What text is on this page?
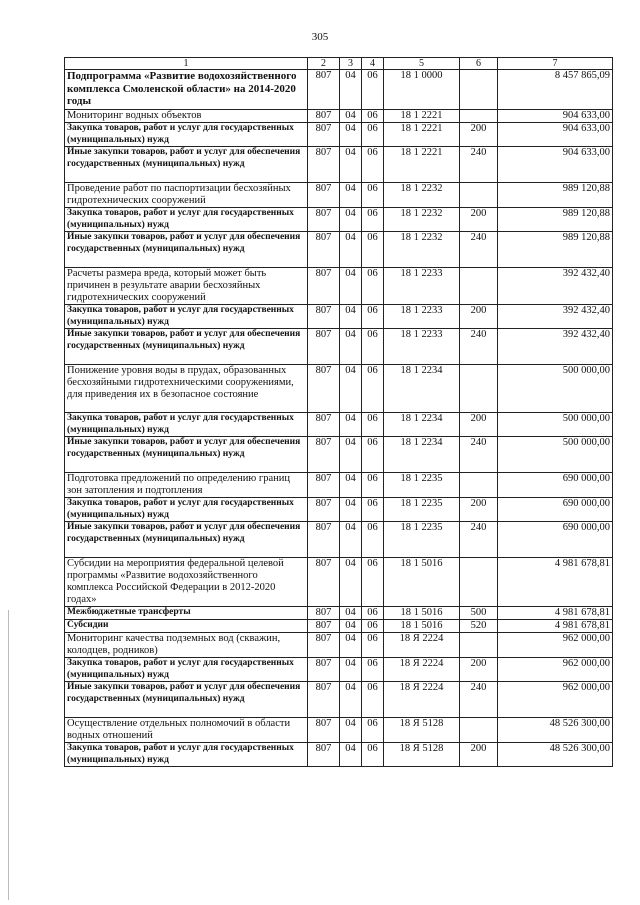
305
1	2	3	4	5	6	7
Подпрограмма «Развитие водохозяйственного комплекса Смоленской области» на 2014-2020 годы	807	04	06	18 1 0000		8 457 865,09
Мониторинг водных объектов	807	04	06	18 1 2221		904 633,00
Закупка товаров, работ и услуг для государственных (муниципальных) нужд	807	04	06	18 1 2221	200	904 633,00
Иные закупки товаров, работ и услуг для обеспечения государственных (муниципальных) нужд	807	04	06	18 1 2221	240	904 633,00
Проведение работ по паспортизации бесхозяйных гидротехнических сооружений	807	04	06	18 1 2232		989 120,88
Закупка товаров, работ и услуг для государственных (муниципальных) нужд	807	04	06	18 1 2232	200	989 120,88
Иные закупки товаров, работ и услуг для обеспечения государственных (муниципальных) нужд	807	04	06	18 1 2232	240	989 120,88
Расчеты размера вреда, который может быть причинен в результате аварии бесхозяйных гидротехнических сооружений	807	04	06	18 1 2233		392 432,40
Закупка товаров, работ и услуг для государственных (муниципальных) нужд	807	04	06	18 1 2233	200	392 432,40
Иные закупки товаров, работ и услуг для обеспечения государственных (муниципальных) нужд	807	04	06	18 1 2233	240	392 432,40
Понижение уровня воды в прудах, образованных бесхозяйными гидротехническими сооружениями, для приведения их в безопасное состояние	807	04	06	18 1 2234		500 000,00
Закупка товаров, работ и услуг для государственных (муниципальных) нужд	807	04	06	18 1 2234	200	500 000,00
Иные закупки товаров, работ и услуг для обеспечения государственных (муниципальных) нужд	807	04	06	18 1 2234	240	500 000,00
Подготовка предложений по определению границ зон затопления и подтопления	807	04	06	18 1 2235		690 000,00
Закупка товаров, работ и услуг для государственных (муниципальных) нужд	807	04	06	18 1 2235	200	690 000,00
Иные закупки товаров, работ и услуг для обеспечения государственных (муниципальных) нужд	807	04	06	18 1 2235	240	690 000,00
Субсидии на мероприятия федеральной целевой программы «Развитие водохозяйственного комплекса Российской Федерации в 2012-2020 годах»	807	04	06	18 1 5016		4 981 678,81
Межбюджетные трансферты	807	04	06	18 1 5016	500	4 981 678,81
Субсидии	807	04	06	18 1 5016	520	4 981 678,81
Мониторинг качества подземных вод (скважин, колодцев, родников)	807	04	06	18 Я 2224		962 000,00
Закупка товаров, работ и услуг для государственных (муниципальных) нужд	807	04	06	18 Я 2224	200	962 000,00
Иные закупки товаров, работ и услуг для обеспечения государственных (муниципальных) нужд	807	04	06	18 Я 2224	240	962 000,00
Осуществление отдельных полномочий в области водных отношений	807	04	06	18 Я 5128		48 526 300,00
Закупка товаров, работ и услуг для государственных (муниципальных) нужд	807	04	06	18 Я 5128	200	48 526 300,00
